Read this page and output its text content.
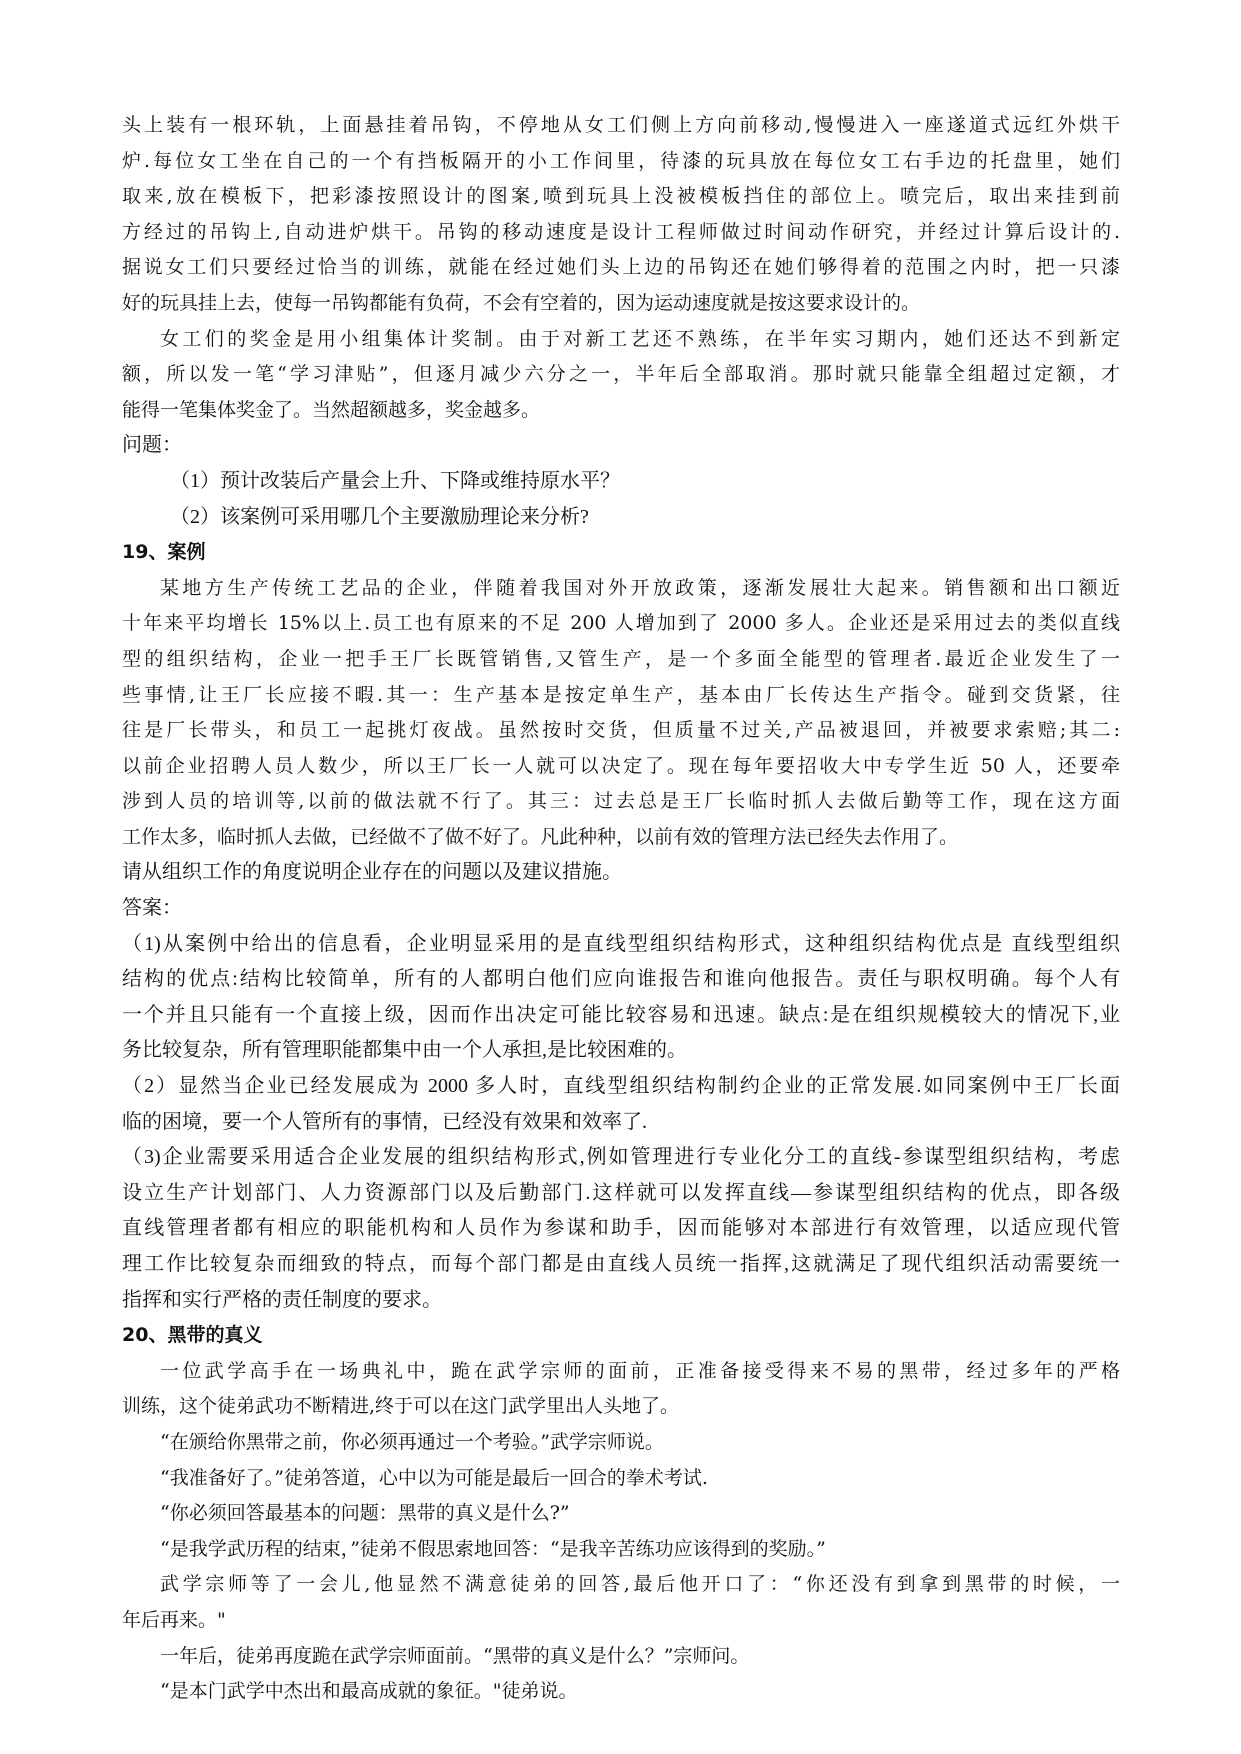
头上装有一根环轨，上面悬挂着吊钩，不停地从女工们侧上方向前移动,慢慢进入一座遂道式远红外烘干

炉.每位女工坐在自己的一个有挡板隔开的小工作间里，待漆的玩具放在每位女工右手边的托盘里，她们

取来,放在模板下，把彩漆按照设计的图案,喷到玩具上没被模板挡住的部位上。喷完后，取出来挂到前

方经过的吊钩上,自动进炉烘干。吊钩的移动速度是设计工程师做过时间动作研究，并经过计算后设计的.

据说女工们只要经过恰当的训练，就能在经过她们头上边的吊钩还在她们够得着的范围之内时，把一只漆

好的玩具挂上去，使每一吊钩都能有负荷，不会有空着的，因为运动速度就是按这要求设计的。

女工们的奖金是用小组集体计奖制。由于对新工艺还不熟练，在半年实习期内，她们还达不到新定

额，所以发一笔“学习津贴”，但逐月减少六分之一，半年后全部取消。那时就只能靠全组超过定额，才

能得一笔集体奖金了。当然超额越多，奖金越多。

问题：

（1）预计改装后产量会上升、下降或维持原水平？

（2）该案例可采用哪几个主要激励理论来分析?

19、案例

某地方生产传统工艺品的企业，伴随着我国对外开放政策，逐渐发展壮大起来。销售额和出口额近

十年来平均增长 15%以上.员工也有原来的不足 200 人增加到了 2000 多人。企业还是采用过去的类似直线

型的组织结构，企业一把手王厂长既管销售,又管生产，是一个多面全能型的管理者.最近企业发生了一

些事情,让王厂长应接不暇.其一：生产基本是按定单生产，基本由厂长传达生产指令。碰到交货紧，往

往是厂长带头，和员工一起挑灯夜战。虽然按时交货，但质量不过关,产品被退回，并被要求索赔;其二:

以前企业招聘人员人数少，所以王厂长一人就可以决定了。现在每年要招收大中专学生近 50 人，还要牵

涉到人员的培训等,以前的做法就不行了。其三：过去总是王厂长临时抓人去做后勤等工作，现在这方面

工作太多，临时抓人去做，已经做不了做不好了。凡此种种，以前有效的管理方法已经失去作用了。

请从组织工作的角度说明企业存在的问题以及建议措施。

答案：

（1)从案例中给出的信息看，企业明显采用的是直线型组织结构形式，这种组织结构优点是 直线型组织

结构的优点:结构比较简单，所有的人都明白他们应向谁报告和谁向他报告。责任与职权明确。每个人有

一个并且只能有一个直接上级，因而作出决定可能比较容易和迅速。缺点:是在组织规模较大的情况下,业

务比较复杂，所有管理职能都集中由一个人承担,是比较困难的。

（2）显然当企业已经发展成为 2000 多人时，直线型组织结构制约企业的正常发展.如同案例中王厂长面

临的困境，要一个人管所有的事情，已经没有效果和效率了.

（3)企业需要采用适合企业发展的组织结构形式,例如管理进行专业化分工的直线-参谋型组织结构，考虑

设立生产计划部门、人力资源部门以及后勤部门.这样就可以发挥直线—参谋型组织结构的优点，即各级

直线管理者都有相应的职能机构和人员作为参谋和助手，因而能够对本部进行有效管理，以适应现代管

理工作比较复杂而细致的特点，而每个部门都是由直线人员统一指挥,这就满足了现代组织活动需要统一

指挥和实行严格的责任制度的要求。

20、黑带的真义

一位武学高手在一场典礼中，跪在武学宗师的面前，正准备接受得来不易的黑带，经过多年的严格

训练，这个徒弟武功不断精进,终于可以在这门武学里出人头地了。

“在颁给你黑带之前，你必须再通过一个考验。”武学宗师说。

“我准备好了。”徒弟答道，心中以为可能是最后一回合的拳术考试.

“你必须回答最基本的问题：黑带的真义是什么?”

“是我学武历程的结束，”徒弟不假思索地回答：“是我辛苦练功应该得到的奖励。”

武学宗师等了一会儿,他显然不满意徒弟的回答,最后他开口了：“你还没有到拿到黑带的时候，一

年后再来。"

一年后，徒弟再度跪在武学宗师面前。“黑带的真义是什么？”宗师问。

“是本门武学中杰出和最高成就的象征。"徒弟说。
